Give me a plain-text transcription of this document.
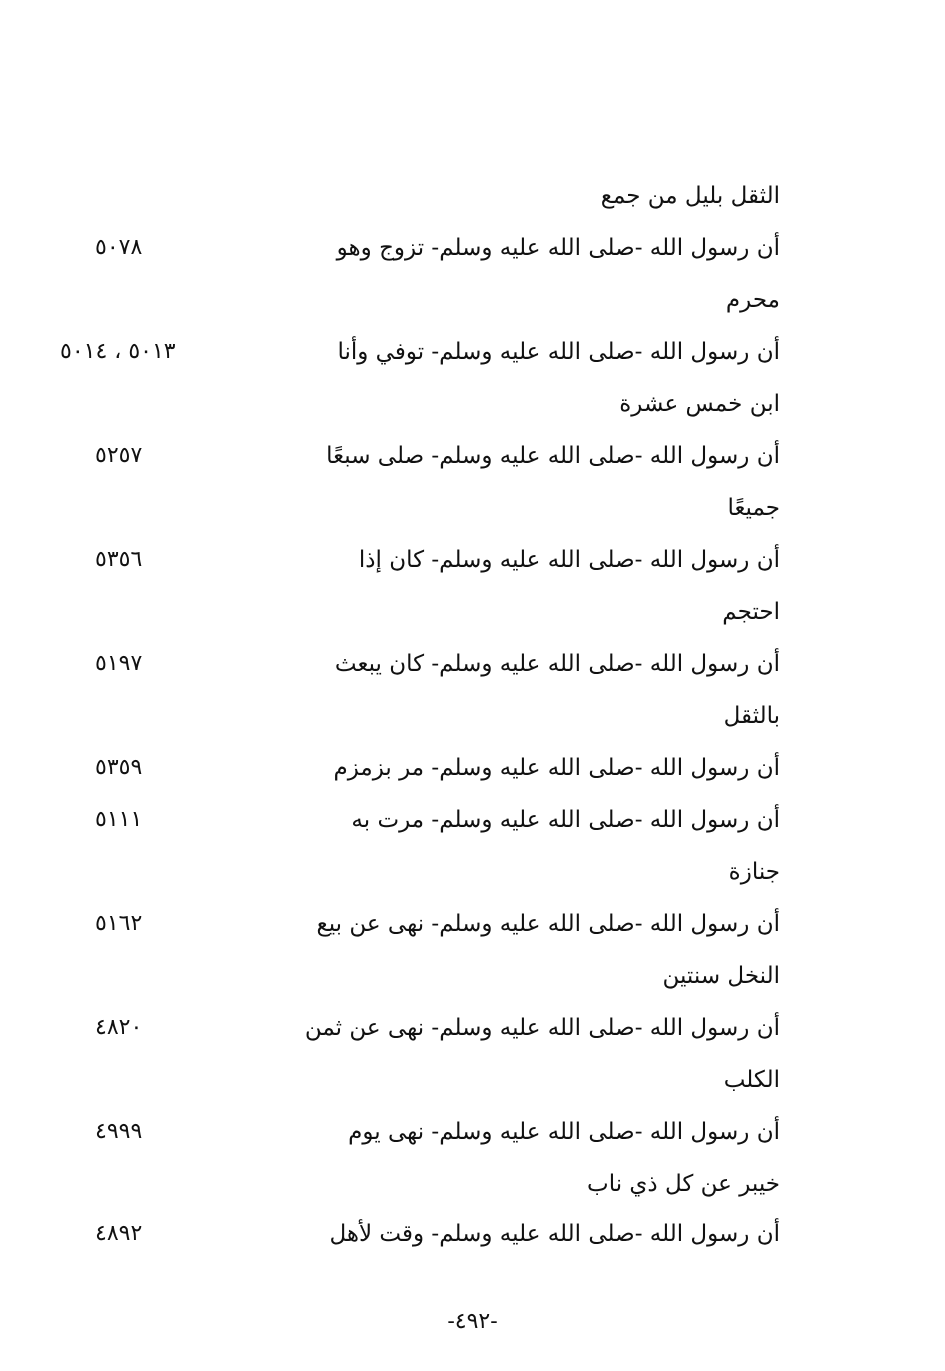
الثقل بليل من جمع
أن رسول الله -صلى الله عليه وسلم- تزوج وهو
٥٠٧٨
محرم
أن رسول الله -صلى الله عليه وسلم- توفي وأنا
٥٠١٣ ، ٥٠١٤
ابن خمس عشرة
أن رسول الله -صلى الله عليه وسلم- صلى سبعًا
٥٢٥٧
جميعًا
أن رسول الله -صلى الله عليه وسلم- كان إذا
٥٣٥٦
احتجم
أن رسول الله -صلى الله عليه وسلم- كان يبعث
٥١٩٧
بالثقل
أن رسول الله -صلى الله عليه وسلم- مر بزمزم
٥٣٥٩
أن رسول الله -صلى الله عليه وسلم- مرت به
٥١١١
جنازة
أن رسول الله -صلى الله عليه وسلم- نهى عن بيع
٥١٦٢
النخل سنتين
أن رسول الله -صلى الله عليه وسلم- نهى عن ثمن
٤٨٢٠
الكلب
أن رسول الله -صلى الله عليه وسلم- نهى يوم
٤٩٩٩
خيبر عن كل ذي ناب
أن رسول الله -صلى الله عليه وسلم- وقت لأهل
٤٨٩٢
-٤٩٢-
